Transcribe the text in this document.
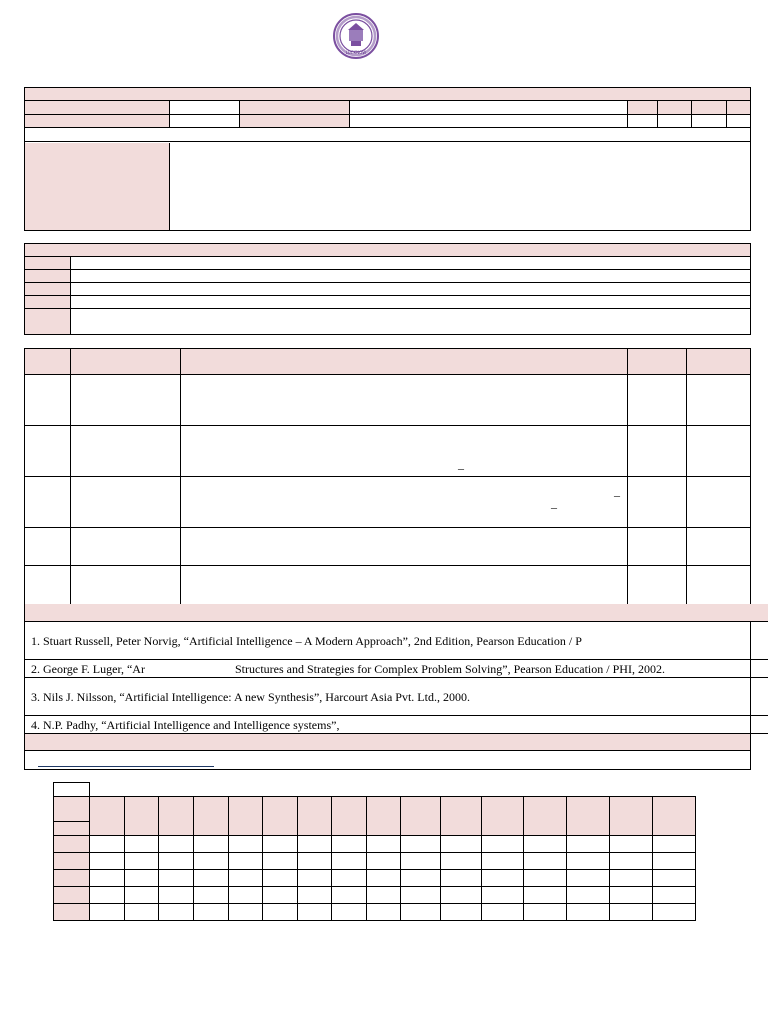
LUCKNOW
–
–
–
1. Stuart Russell, Peter Norvig, “Artificial Intelligence – A Modern Approach”, 2nd Edition, Pearson Education / P
2. George F. Luger, “Ar	Structures and Strategies for Complex Problem Solving”, Pearson Education / PHI, 2002.
3. Nils J. Nilsson, “Artificial Intelligence: A new Synthesis”, Harcourt Asia Pvt. Ltd., 2000.
4. N.P. Padhy, “Artificial Intelligence and Intelligence systems”,
